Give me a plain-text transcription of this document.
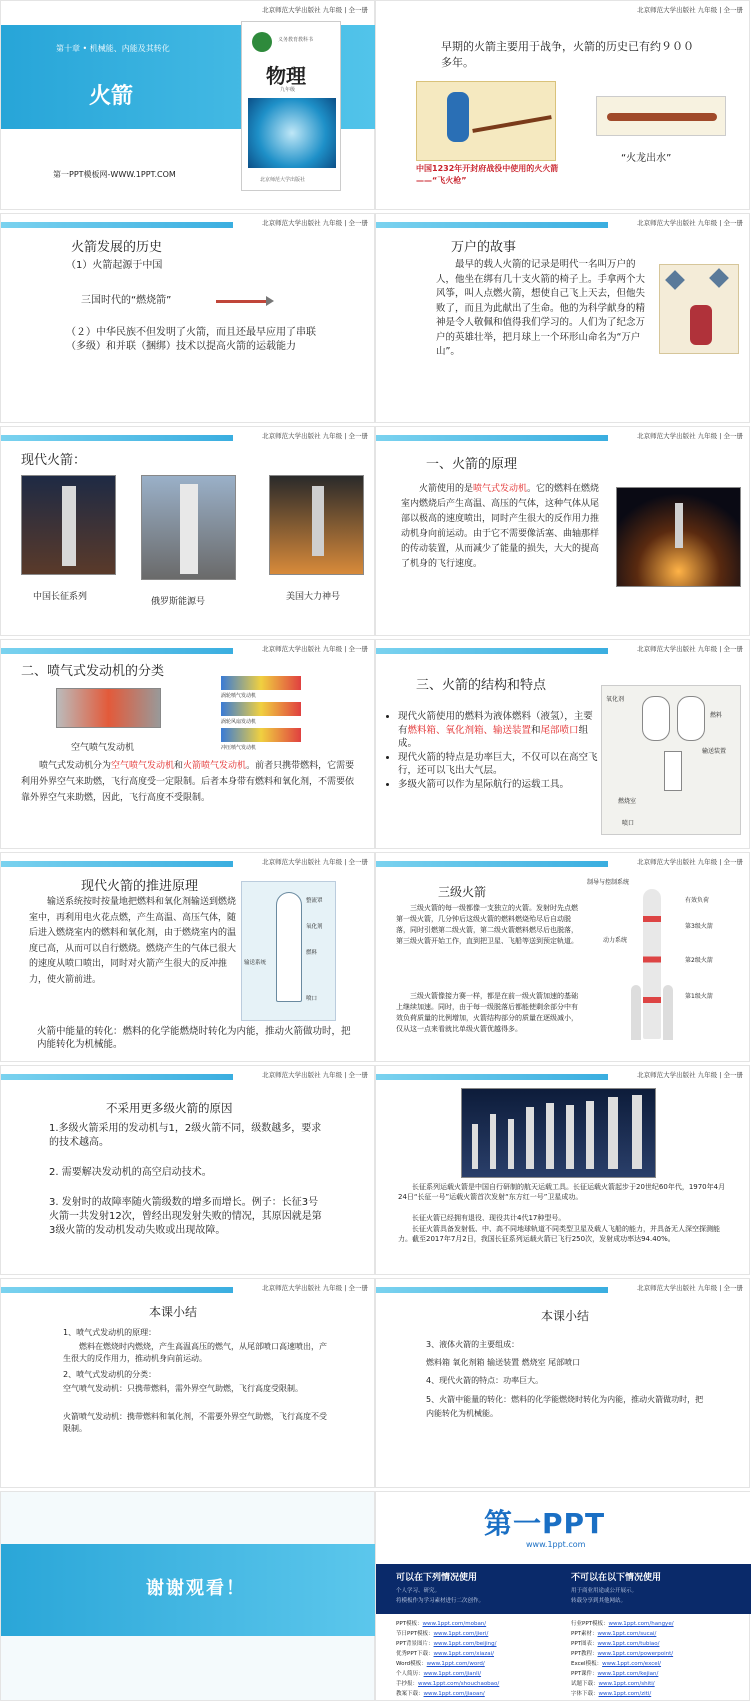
北京师范大学出版社 九年级 | 全一册
第十章 • 机械能、内能及其转化
火箭
义务教育教科书
物理
九年级
北京师范大学出版社
第一PPT模板网-WWW.1PPT.COM
北京师范大学出版社 九年级 | 全一册
早期的火箭主要用于战争，火箭的历史已有约９００多年。
中国1232年开封府战役中使用的火火箭——“飞火枪”
“火龙出水”
北京师范大学出版社 九年级 | 全一册
火箭发展的历史
（1）火箭起源于中国
三国时代的“燃烧箭”
（２）中华民族不但发明了火箭，而且还最早应用了串联（多级）和并联（捆绑）技术以提高火箭的运载能力
北京师范大学出版社 九年级 | 全一册
万户的故事
最早的载人火箭的记录是明代一名叫万户的人，他坐在绑有几十支火箭的椅子上。手拿两个大风筝，叫人点燃火箭，想使自己飞上天去，但他失败了，而且为此献出了生命。他的为科学献身的精神是令人敬佩和值得我们学习的。人们为了纪念万户的英雄壮举，把月球上一个环形山命名为“万户山”。
北京师范大学出版社 九年级 | 全一册
现代火箭：
中国长征系列	俄罗斯能源号	美国大力神号
北京师范大学出版社 九年级 | 全一册
一、火箭的原理
火箭使用的是喷气式发动机。它的燃料在燃烧室内燃烧后产生高温、高压的气体，这种气体从尾部以极高的速度喷出，同时产生很大的反作用力推动机身向前运动。由于它不需要像活塞、曲轴那样的传动装置，从而减少了能量的损失，大大的提高了机身的飞行速度。
北京师范大学出版社 九年级 | 全一册
二、喷气式发动机的分类
空气喷气发动机
涡轮喷气发动机
涡轮风扇发动机
冲压喷气发动机
喷气式发动机分为空气喷气发动机和火箭喷气发动机。前者只携带燃料，它需要利用外界空气来助燃，飞行高度受一定限制。后者本身带有燃料和氧化剂，不需要依靠外界空气来助燃，因此，飞行高度不受限制。
北京师范大学出版社 九年级 | 全一册
三、火箭的结构和特点
• 现代火箭使用的燃料为液体燃料（液氢），主要有燃料箱、氧化剂箱、输送装置和尾部喷口组成。
• 现代火箭的特点是功率巨大，不仅可以在高空飞行，还可以飞出大气层。
• 多级火箭可以作为星际航行的运载工具。
氧化剂
燃料
输送装置
燃烧室
喷口
北京师范大学出版社 九年级 | 全一册
现代火箭的推进原理
输送系统按时按量地把燃料和氧化剂输送到燃烧室中，再利用电火花点燃，产生高温、高压气体，随后进入燃烧室内的燃料和氧化剂，由于燃烧室内的温度已高，从而可以自行燃烧。燃烧产生的气体已很大的速度从喷口喷出，同时对火箭产生很大的反冲推力，使火箭前进。
火箭中能量的转化：燃料的化学能燃烧时转化为内能，推动火箭做功时，把内能转化为机械能。
整流罩
氧化剂
燃料
输送系统
喷口
北京师范大学出版社 九年级 | 全一册
三级火箭
三级火箭的每一级都像一支独立的火箭。发射时先点燃第一级火箭，几分钟后这级火箭的燃料燃烧殆尽后自动脱落，同时引燃第二级火箭，第二级火箭燃料燃尽后也脱落，第三级火箭开始工作，直到把卫星、飞船等送到预定轨道。
三级火箭像接力赛一样，都是在前一级火箭加速的基础上继续加速。同时，由于每一级脱落后都能使剩余部分中有效负荷质量的比例增加，火箭结构部分的质量在逐级减小，仅从这一点来看就比单级火箭优越得多。
制导与控制系统
有效负荷
第3级火箭
第2级火箭
第1级火箭
动力系统
北京师范大学出版社 九年级 | 全一册
不采用更多级火箭的原因
1.多级火箭采用的发动机与1，2级火箭不同，级数越多，要求的技术越高。
2. 需要解决发动机的高空启动技术。
3. 发射时的故障率随火箭级数的增多而增长。例子：长征3号火箭一共发射12次，曾经出现发射失败的情况，其原因就是第3级火箭的发动机发动失败或出现故障。
北京师范大学出版社 九年级 | 全一册
长征系列运载火箭是中国自行研制的航天运载工具。长征运载火箭起步于20世纪60年代，1970年4月24日“长征一号”运载火箭首次发射“东方红一号”卫星成功。
长征火箭已经拥有退役、现役共计4代17种型号。
长征火箭具备发射低、中、高不同地球轨道不同类型卫星及载人飞船的能力，并具备无人深空探测能力。截至2017年7月2日，我国长征系列运载火箭已飞行250次，发射成功率达94.40%。
北京师范大学出版社 九年级 | 全一册
本课小结
1、喷气式发动机的原理：
燃料在燃烧时内燃烧，产生高温高压的燃气，从尾部喷口高速喷出，产生很大的反作用力，推动机身向前运动。
2、喷气式发动机的分类：
空气喷气发动机：只携带燃料，需外界空气助燃，飞行高度受限制。
火箭喷气发动机：携带燃料和氧化剂，不需要外界空气助燃，飞行高度不受限制。
北京师范大学出版社 九年级 | 全一册
本课小结
3、液体火箭的主要组成：
燃料箱 氧化剂箱 输送装置 燃烧室 尾部喷口
4、现代火箭的特点：功率巨大。
5、火箭中能量的转化：燃料的化学能燃烧时转化为内能，推动火箭做功时，把内能转化为机械能。
谢谢观看！
第一PPT
www.1ppt.com
可以在下列情况使用
个人学习、研究。
将模板作为学习素材进行二次创作。
不可以在以下情况使用
用于商业用途或公开展示。
转载分享到其他网站。
PPT模板：www.1ppt.com/moban/
节日PPT模板：www.1ppt.com/jieri/
PPT背景图片：www.1ppt.com/beijing/
优秀PPT下载：www.1ppt.com/xiazai/
Word模板：www.1ppt.com/word/
个人简历：www.1ppt.com/jianli/
手抄报：www.1ppt.com/shouchaobao/
教案下载：www.1ppt.com/jiaoan/
行业PPT模板：www.1ppt.com/hangye/
PPT素材：www.1ppt.com/sucai/
PPT图表：www.1ppt.com/tubiao/
PPT教程：www.1ppt.com/powerpoint/
Excel模板：www.1ppt.com/excel/
PPT课件：www.1ppt.com/kejian/
试题下载：www.1ppt.com/shiti/
字体下载：www.1ppt.com/ziti/
